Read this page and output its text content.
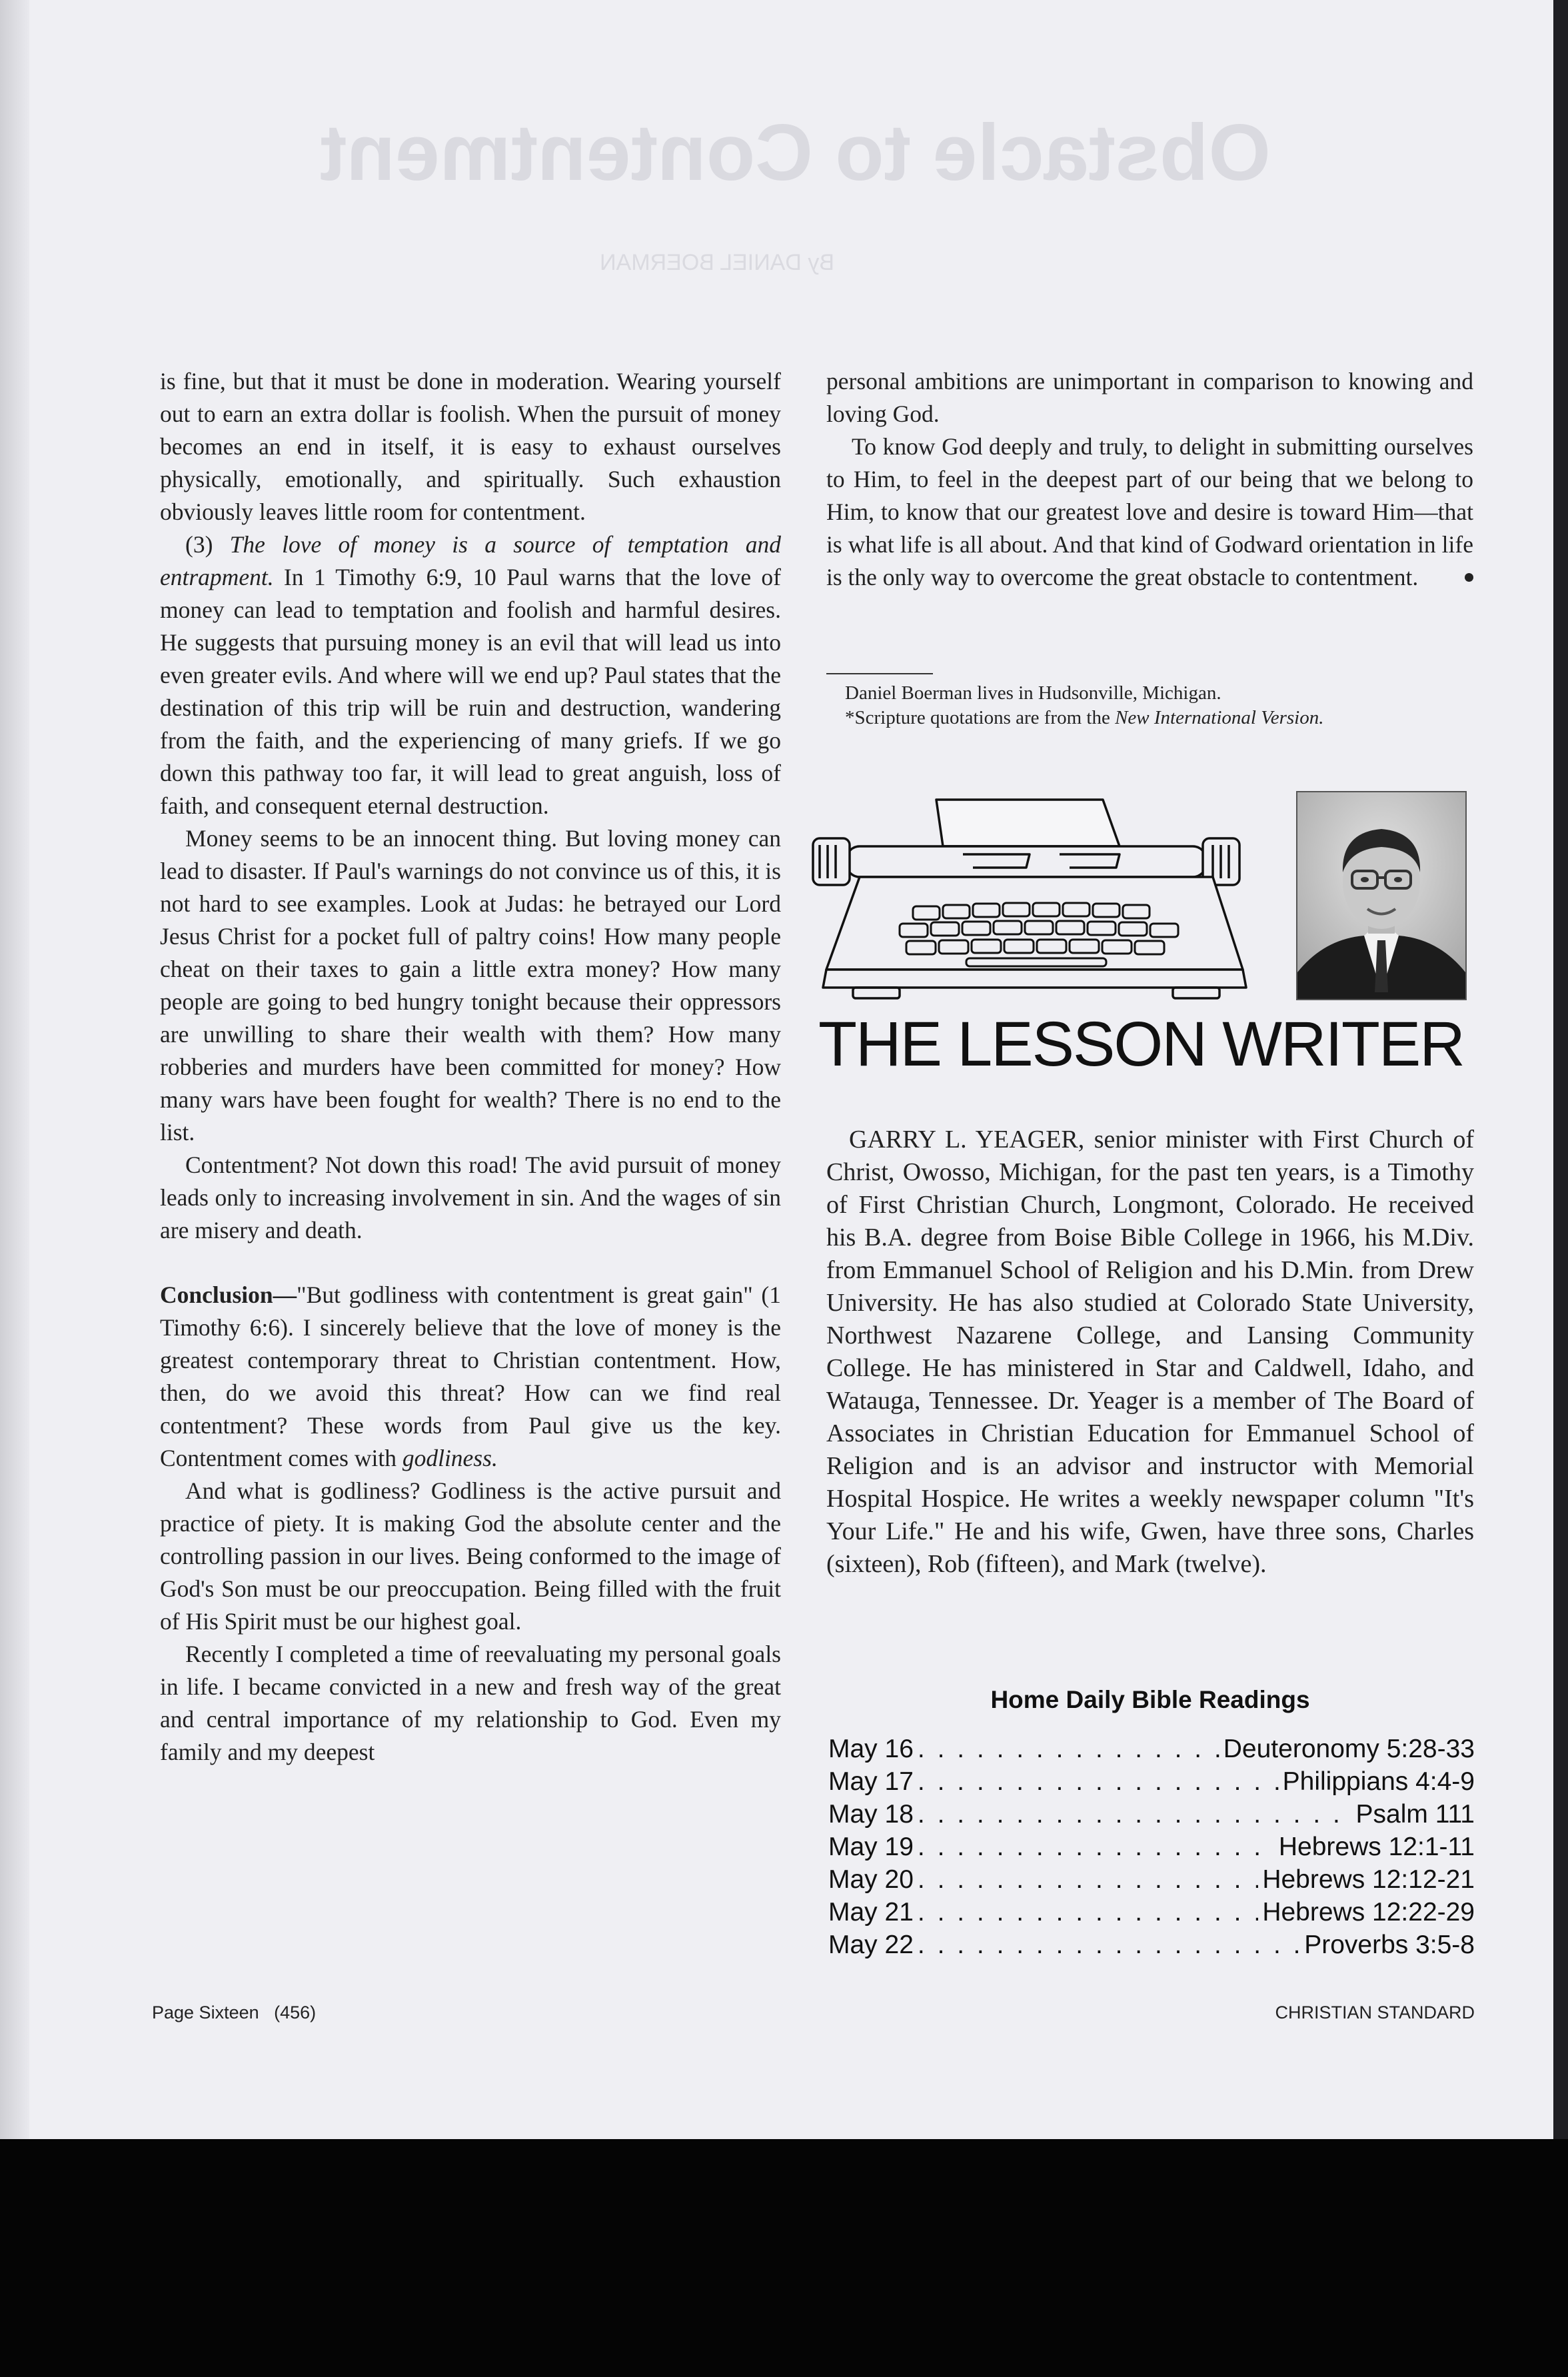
Obstacle to Contentment
By DANIEL BOERMAN

is fine, but that it must be done in moderation. Wearing yourself out to earn an extra dollar is foolish. When the pursuit of money becomes an end in itself, it is easy to exhaust ourselves physically, emotionally, and spiritually. Such exhaustion obviously leaves little room for contentment.

(3) The love of money is a source of temptation and entrapment. In 1 Timothy 6:9, 10 Paul warns that the love of money can lead to temptation and foolish and harmful desires. He suggests that pursuing money is an evil that will lead us into even greater evils. And where will we end up? Paul states that the destination of this trip will be ruin and destruction, wandering from the faith, and the experiencing of many griefs. If we go down this pathway too far, it will lead to great anguish, loss of faith, and consequent eternal destruction.

Money seems to be an innocent thing. But loving money can lead to disaster. If Paul's warnings do not convince us of this, it is not hard to see examples. Look at Judas: he betrayed our Lord Jesus Christ for a pocket full of paltry coins! How many people cheat on their taxes to gain a little extra money? How many people are going to bed hungry tonight because their oppressors are unwilling to share their wealth with them? How many robberies and murders have been committed for money? How many wars have been fought for wealth? There is no end to the list.

Contentment? Not down this road! The avid pursuit of money leads only to increasing involvement in sin. And the wages of sin are misery and death.

Conclusion—"But godliness with contentment is great gain" (1 Timothy 6:6). I sincerely believe that the love of money is the greatest contemporary threat to Christian contentment. How, then, do we avoid this threat? How can we find real contentment? These words from Paul give us the key. Contentment comes with godliness.

And what is godliness? Godliness is the active pursuit and practice of piety. It is making God the absolute center and the controlling passion in our lives. Being conformed to the image of God's Son must be our preoccupation. Being filled with the fruit of His Spirit must be our highest goal.

Recently I completed a time of reevaluating my personal goals in life. I became convicted in a new and fresh way of the great and central importance of my relationship to God. Even my family and my deepest

personal ambitions are unimportant in comparison to knowing and loving God.

To know God deeply and truly, to delight in submitting ourselves to Him, to feel in the deepest part of our being that we belong to Him, to know that our greatest love and desire is toward Him—that is what life is all about. And that kind of Godward orientation in life is the only way to overcome the great obstacle to contentment.

Daniel Boerman lives in Hudsonville, Michigan.
*Scripture quotations are from the New International Version.
THE LESSON WRITER
GARRY L. YEAGER, senior minister with First Church of Christ, Owosso, Michigan, for the past ten years, is a Timothy of First Christian Church, Longmont, Colorado. He received his B.A. degree from Boise Bible College in 1966, his M.Div. from Emmanuel School of Religion and his D.Min. from Drew University. He has also studied at Colorado State University, Northwest Nazarene College, and Lansing Community College. He has ministered in Star and Caldwell, Idaho, and Watauga, Tennessee. Dr. Yeager is a member of The Board of Associates in Christian Education for Emmanuel School of Religion and is an advisor and instructor with Memorial Hospital Hospice. He writes a weekly newspaper column "It's Your Life." He and his wife, Gwen, have three sons, Charles (sixteen), Rob (fifteen), and Mark (twelve).
Home Daily Bible Readings
May 16 . . .	Deuteronomy 5:28-33
May 17 . . .	Philippians 4:4-9
May 18 . . .	Psalm 111
May 19 . . .	Hebrews 12:1-11
May 20 . . .	Hebrews 12:12-21
May 21 . . .	Hebrews 12:22-29
May 22 . . .	Proverbs 3:5-8
Page Sixteen   (456)	CHRISTIAN STANDARD
